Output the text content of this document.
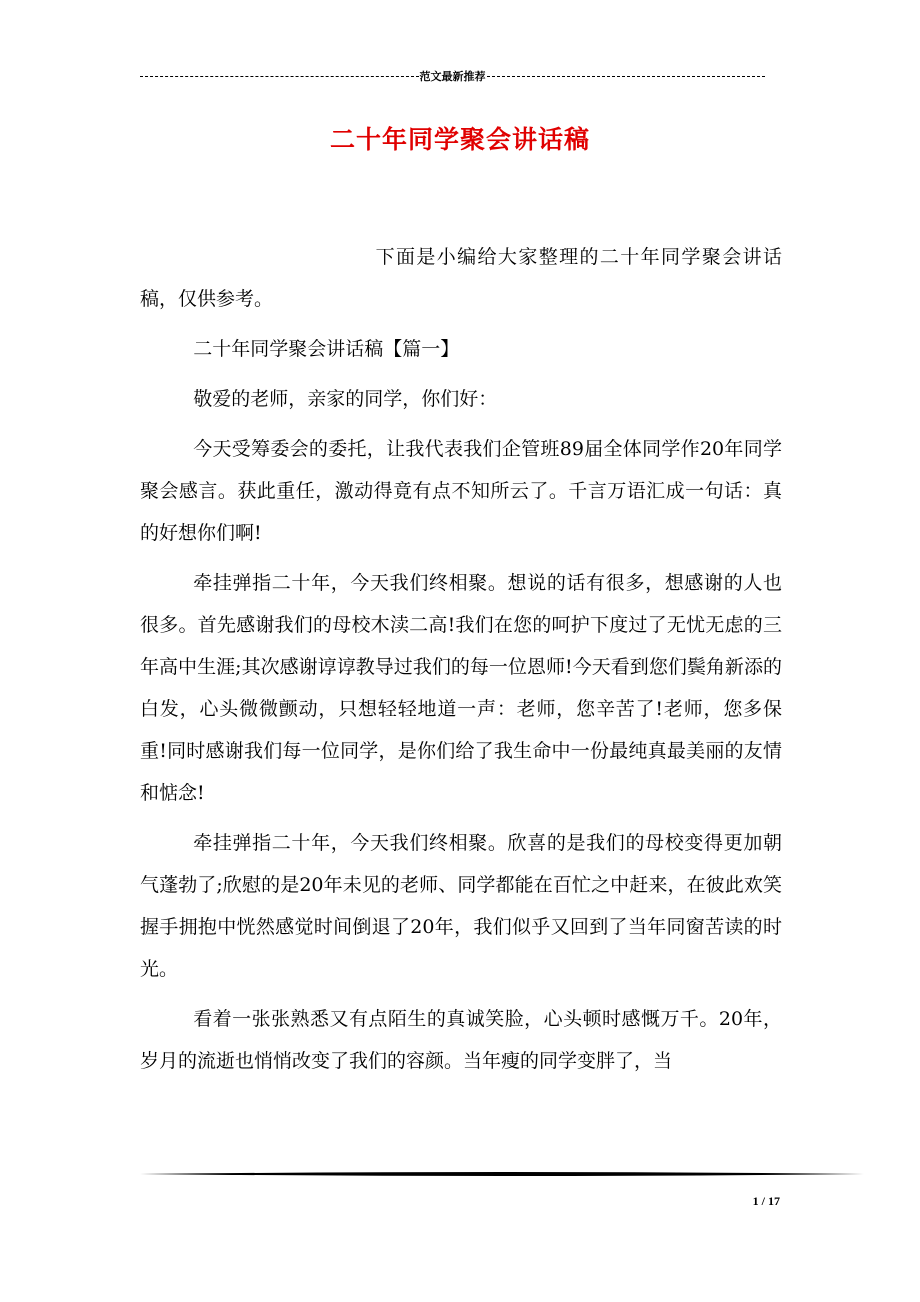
范文最新推荐
二十年同学聚会讲话稿

下面是小编给大家整理的二十年同学聚会讲话稿，仅供参考。

二十年同学聚会讲话稿【篇一】

敬爱的老师，亲家的同学，你们好：

今天受筹委会的委托，让我代表我们企管班89届全体同学作20年同学聚会感言。获此重任，激动得竟有点不知所云了。千言万语汇成一句话：真的好想你们啊!

牵挂弹指二十年，今天我们终相聚。想说的话有很多，想感谢的人也很多。首先感谢我们的母校木渎二高!我们在您的呵护下度过了无忧无虑的三年高中生涯;其次感谢谆谆教导过我们的每一位恩师!今天看到您们鬓角新添的白发，心头微微颤动，只想轻轻地道一声：老师，您辛苦了!老师，您多保重!同时感谢我们每一位同学，是你们给了我生命中一份最纯真最美丽的友情和惦念!

牵挂弹指二十年，今天我们终相聚。欣喜的是我们的母校变得更加朝气蓬勃了;欣慰的是20年未见的老师、同学都能在百忙之中赶来，在彼此欢笑握手拥抱中恍然感觉时间倒退了20年，我们似乎又回到了当年同窗苦读的时光。

看着一张张熟悉又有点陌生的真诚笑脸，心头顿时感慨万千。20年，岁月的流逝也悄悄改变了我们的容颜。当年瘦的同学变胖了，当

1 / 17
